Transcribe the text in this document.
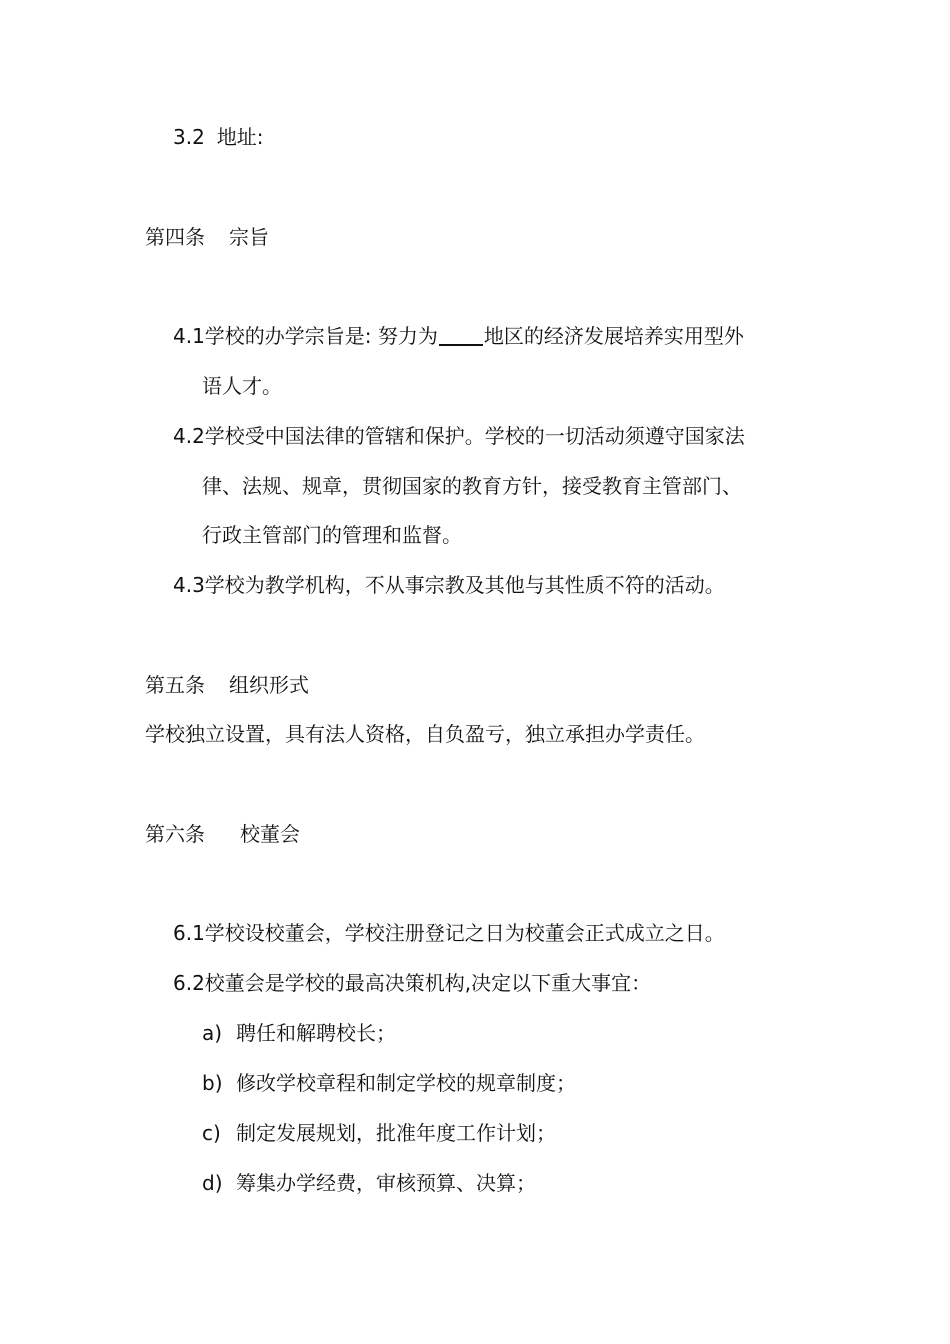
3.2 地址:
第四条 宗旨
4.1学校的办学宗旨是: 努力为 地区的经济发展培养实用型外
语人才。
4.2学校受中国法律的管辖和保护。学校的一切活动须遵守国家法
律、法规、规章，贯彻国家的教育方针，接受教育主管部门、
行政主管部门的管理和监督。
4.3学校为教学机构，不从事宗教及其他与其性质不符的活动。
第五条 组织形式
学校独立设置，具有法人资格，自负盈亏，独立承担办学责任。
第六条 校董会
6.1学校设校董会，学校注册登记之日为校董会正式成立之日。
6.2校董会是学校的最高决策机构,决定以下重大事宜：
a) 聘任和解聘校长；
b) 修改学校章程和制定学校的规章制度；
c) 制定发展规划，批准年度工作计划；
d) 筹集办学经费，审核预算、决算；
